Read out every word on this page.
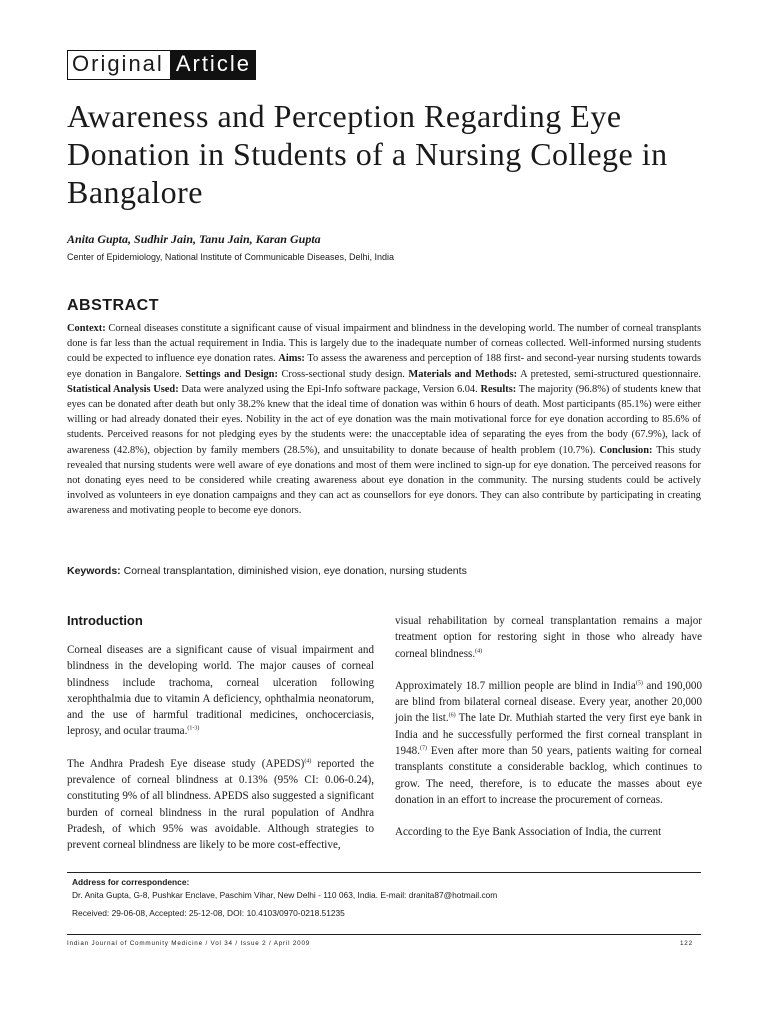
Original Article
Awareness and Perception Regarding Eye Donation in Students of a Nursing College in Bangalore
Anita Gupta, Sudhir Jain, Tanu Jain, Karan Gupta
Center of Epidemiology, National Institute of Communicable Diseases, Delhi, India
ABSTRACT

Context: Corneal diseases constitute a significant cause of visual impairment and blindness in the developing world. The number of corneal transplants done is far less than the actual requirement in India. This is largely due to the inadequate number of corneas collected. Well-informed nursing students could be expected to influence eye donation rates. Aims: To assess the awareness and perception of 188 first- and second-year nursing students towards eye donation in Bangalore. Settings and Design: Cross-sectional study design. Materials and Methods: A pretested, semi-structured questionnaire. Statistical Analysis Used: Data were analyzed using the Epi-Info software package, Version 6.04. Results: The majority (96.8%) of students knew that eyes can be donated after death but only 38.2% knew that the ideal time of donation was within 6 hours of death. Most participants (85.1%) were either willing or had already donated their eyes. Nobility in the act of eye donation was the main motivational force for eye donation according to 85.6% of students. Perceived reasons for not pledging eyes by the students were: the unacceptable idea of separating the eyes from the body (67.9%), lack of awareness (42.8%), objection by family members (28.5%), and unsuitability to donate because of health problem (10.7%). Conclusion: This study revealed that nursing students were well aware of eye donations and most of them were inclined to sign-up for eye donation. The perceived reasons for not donating eyes need to be considered while creating awareness about eye donation in the community. The nursing students could be actively involved as volunteers in eye donation campaigns and they can act as counsellors for eye donors. They can also contribute by participating in creating awareness and motivating people to become eye donors.

Keywords: Corneal transplantation, diminished vision, eye donation, nursing students
Introduction

Corneal diseases are a significant cause of visual impairment and blindness in the developing world. The major causes of corneal blindness include trachoma, corneal ulceration following xerophthalmia due to vitamin A deficiency, ophthalmia neonatorum, and the use of harmful traditional medicines, onchocerciasis, leprosy, and ocular trauma.$^{(1-3)}$

The Andhra Pradesh Eye disease study (APEDS)$^{(4)}$ reported the prevalence of corneal blindness at 0.13% (95% CI: 0.06-0.24), constituting 9% of all blindness. APEDS also suggested a significant burden of corneal blindness in the rural population of Andhra Pradesh, of which 95% was avoidable. Although strategies to prevent corneal blindness are likely to be more cost-effective,

visual rehabilitation by corneal transplantation remains a major treatment option for restoring sight in those who already have corneal blindness.$^{(4)}$

Approximately 18.7 million people are blind in India$^{(5)}$ and 190,000 are blind from bilateral corneal disease. Every year, another 20,000 join the list.$^{(6)}$ The late Dr. Muthiah started the very first eye bank in India and he successfully performed the first corneal transplant in 1948.$^{(7)}$ Even after more than 50 years, patients waiting for corneal transplants constitute a considerable backlog, which continues to grow. The need, therefore, is to educate the masses about eye donation in an effort to increase the procurement of corneas.

According to the Eye Bank Association of India, the current

Address for correspondence:
Dr. Anita Gupta, G-8, Pushkar Enclave, Paschim Vihar, New Delhi - 110 063, India. E-mail: dranita87@hotmail.com
Received: 29-06-08, Accepted: 25-12-08, DOI: 10.4103/0970-0218.51235
Indian Journal of Community Medicine / Vol 34 / Issue 2 / April 2009	122
